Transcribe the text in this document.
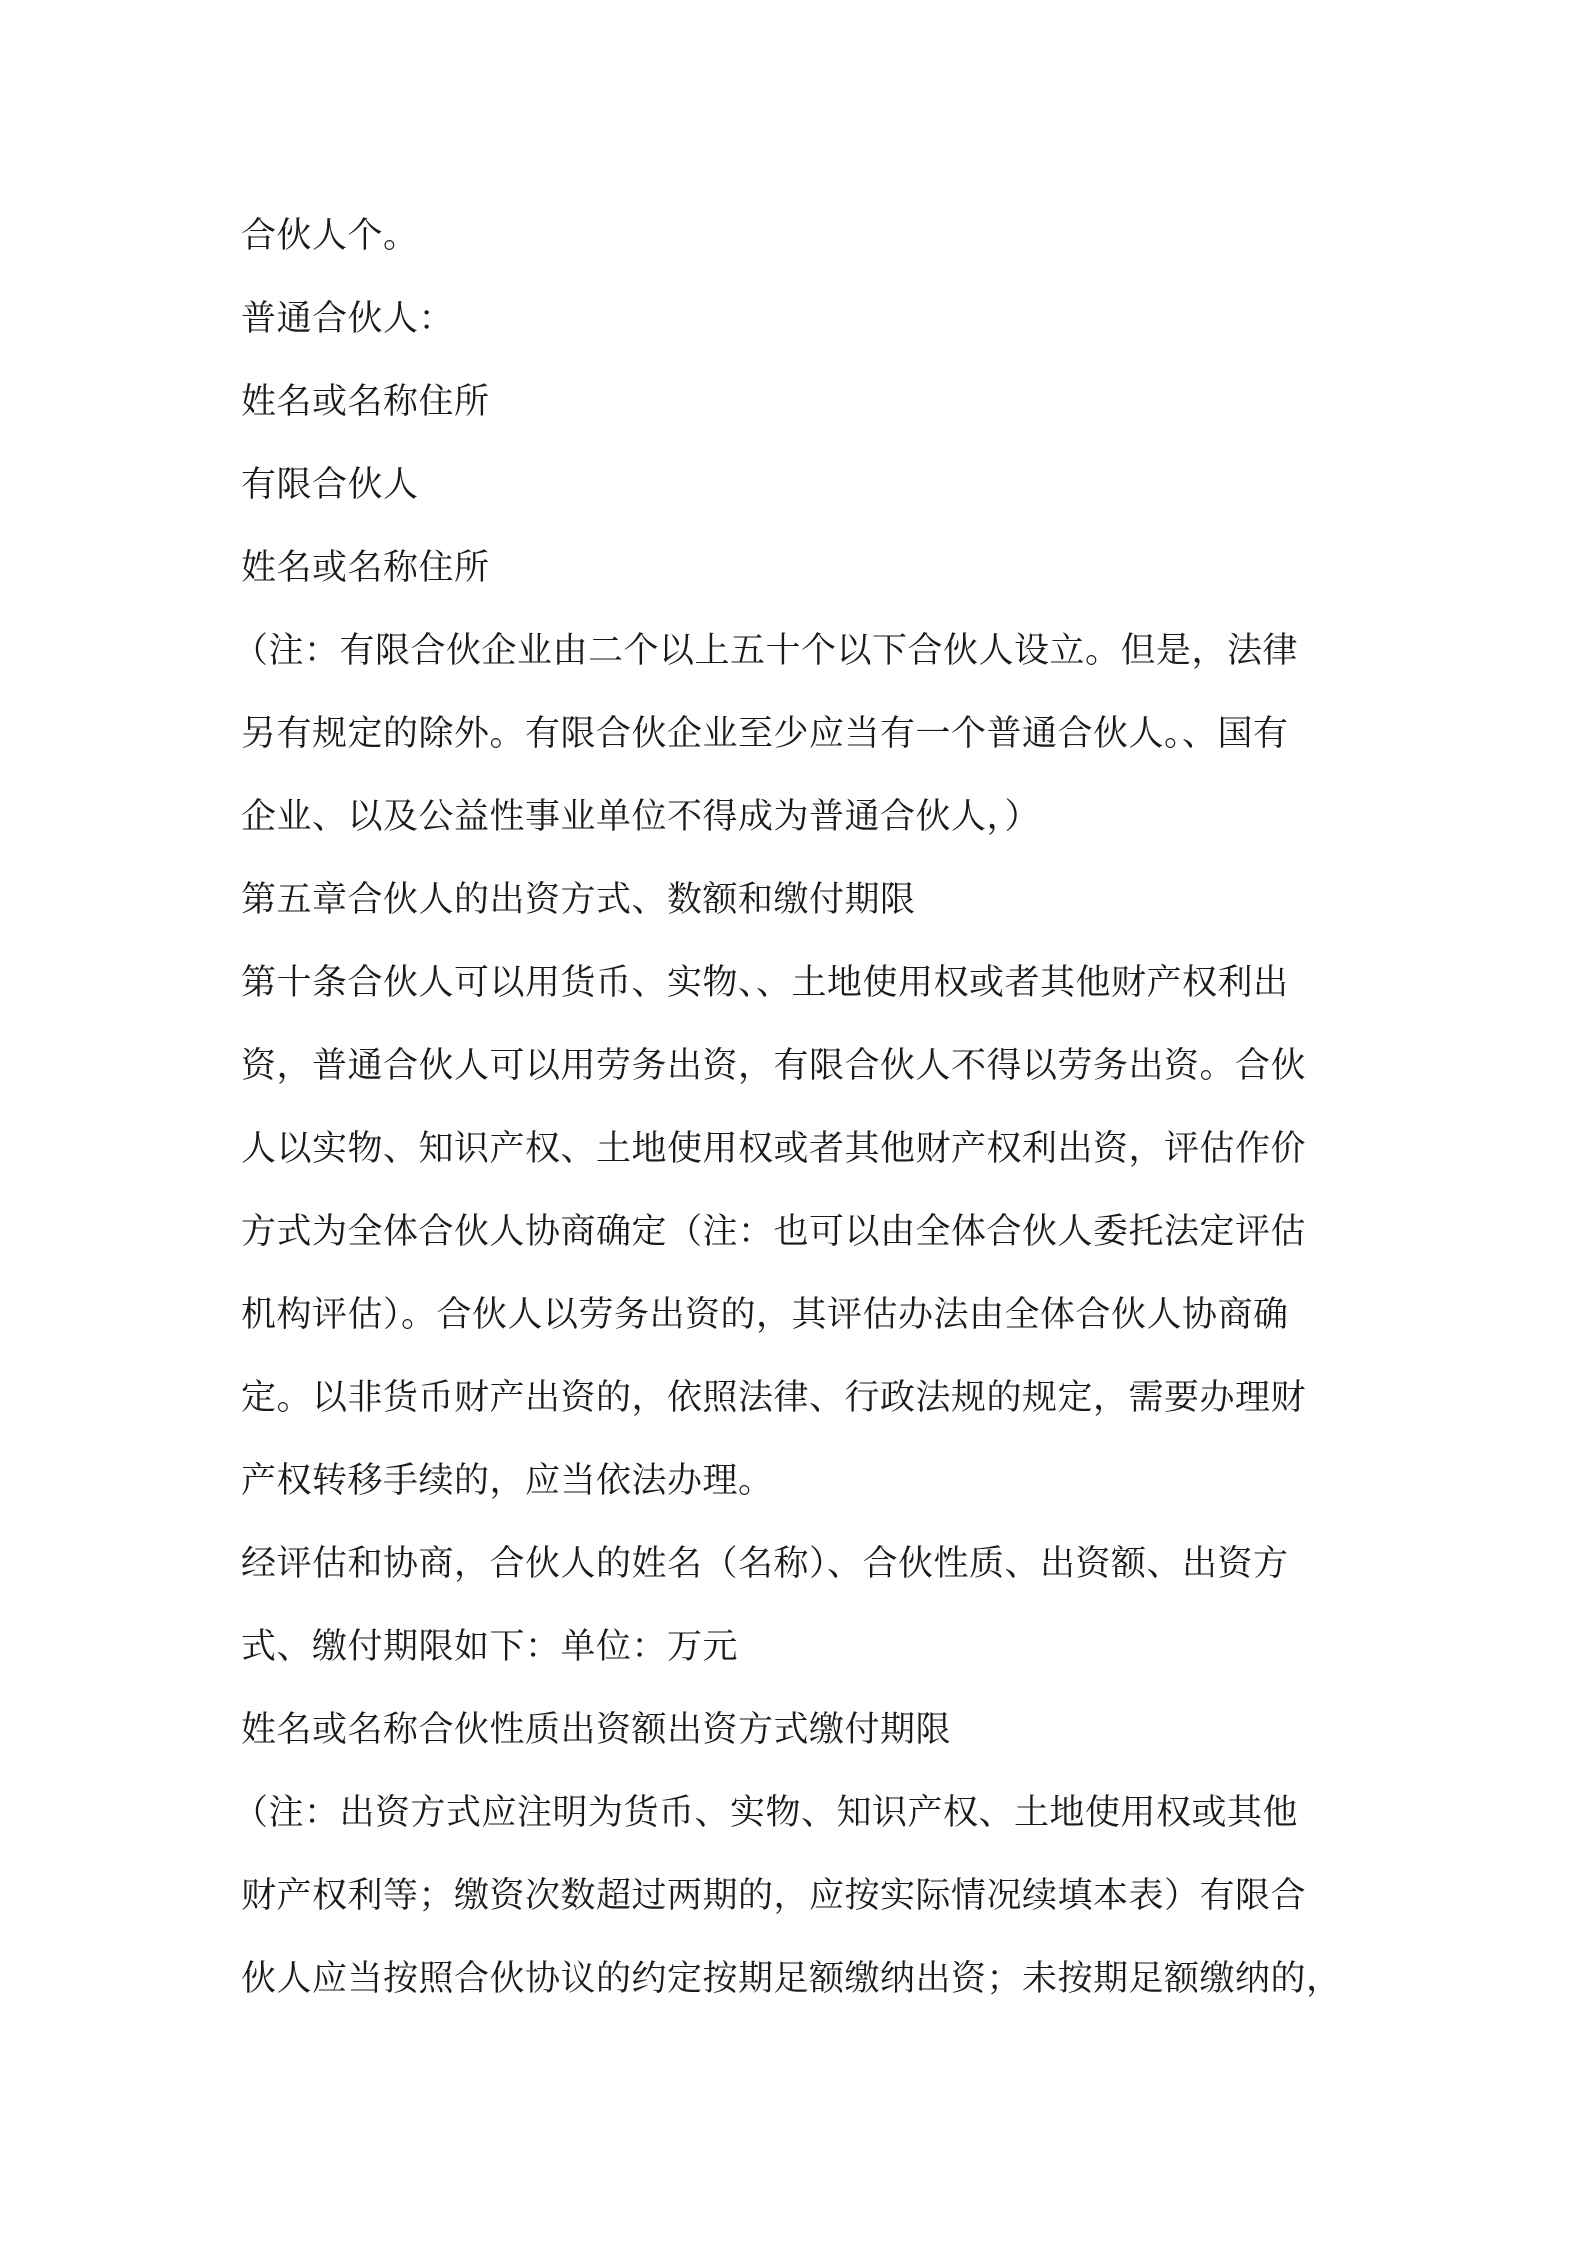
合伙人个。

普通合伙人：

姓名或名称住所

有限合伙人

姓名或名称住所

（注：有限合伙企业由二个以上五十个以下合伙人设立。但是，法律
另有规定的除外。有限合伙企业至少应当有一个普通合伙人。、国有
企业、以及公益性事业单位不得成为普通合伙人，）

第五章合伙人的出资方式、数额和缴付期限

第十条合伙人可以用货币、实物、、土地使用权或者其他财产权利出
资，普通合伙人可以用劳务出资，有限合伙人不得以劳务出资。合伙
人以实物、知识产权、土地使用权或者其他财产权利出资，评估作价
方式为全体合伙人协商确定（注：也可以由全体合伙人委托法定评估
机构评估）。合伙人以劳务出资的，其评估办法由全体合伙人协商确
定。以非货币财产出资的，依照法律、行政法规的规定，需要办理财
产权转移手续的，应当依法办理。

经评估和协商，合伙人的姓名（名称）、合伙性质、出资额、出资方
式、缴付期限如下：单位：万元

姓名或名称合伙性质出资额出资方式缴付期限

（注：出资方式应注明为货币、实物、知识产权、土地使用权或其他
财产权利等；缴资次数超过两期的，应按实际情况续填本表）有限合
伙人应当按照合伙协议的约定按期足额缴纳出资；未按期足额缴纳的，
